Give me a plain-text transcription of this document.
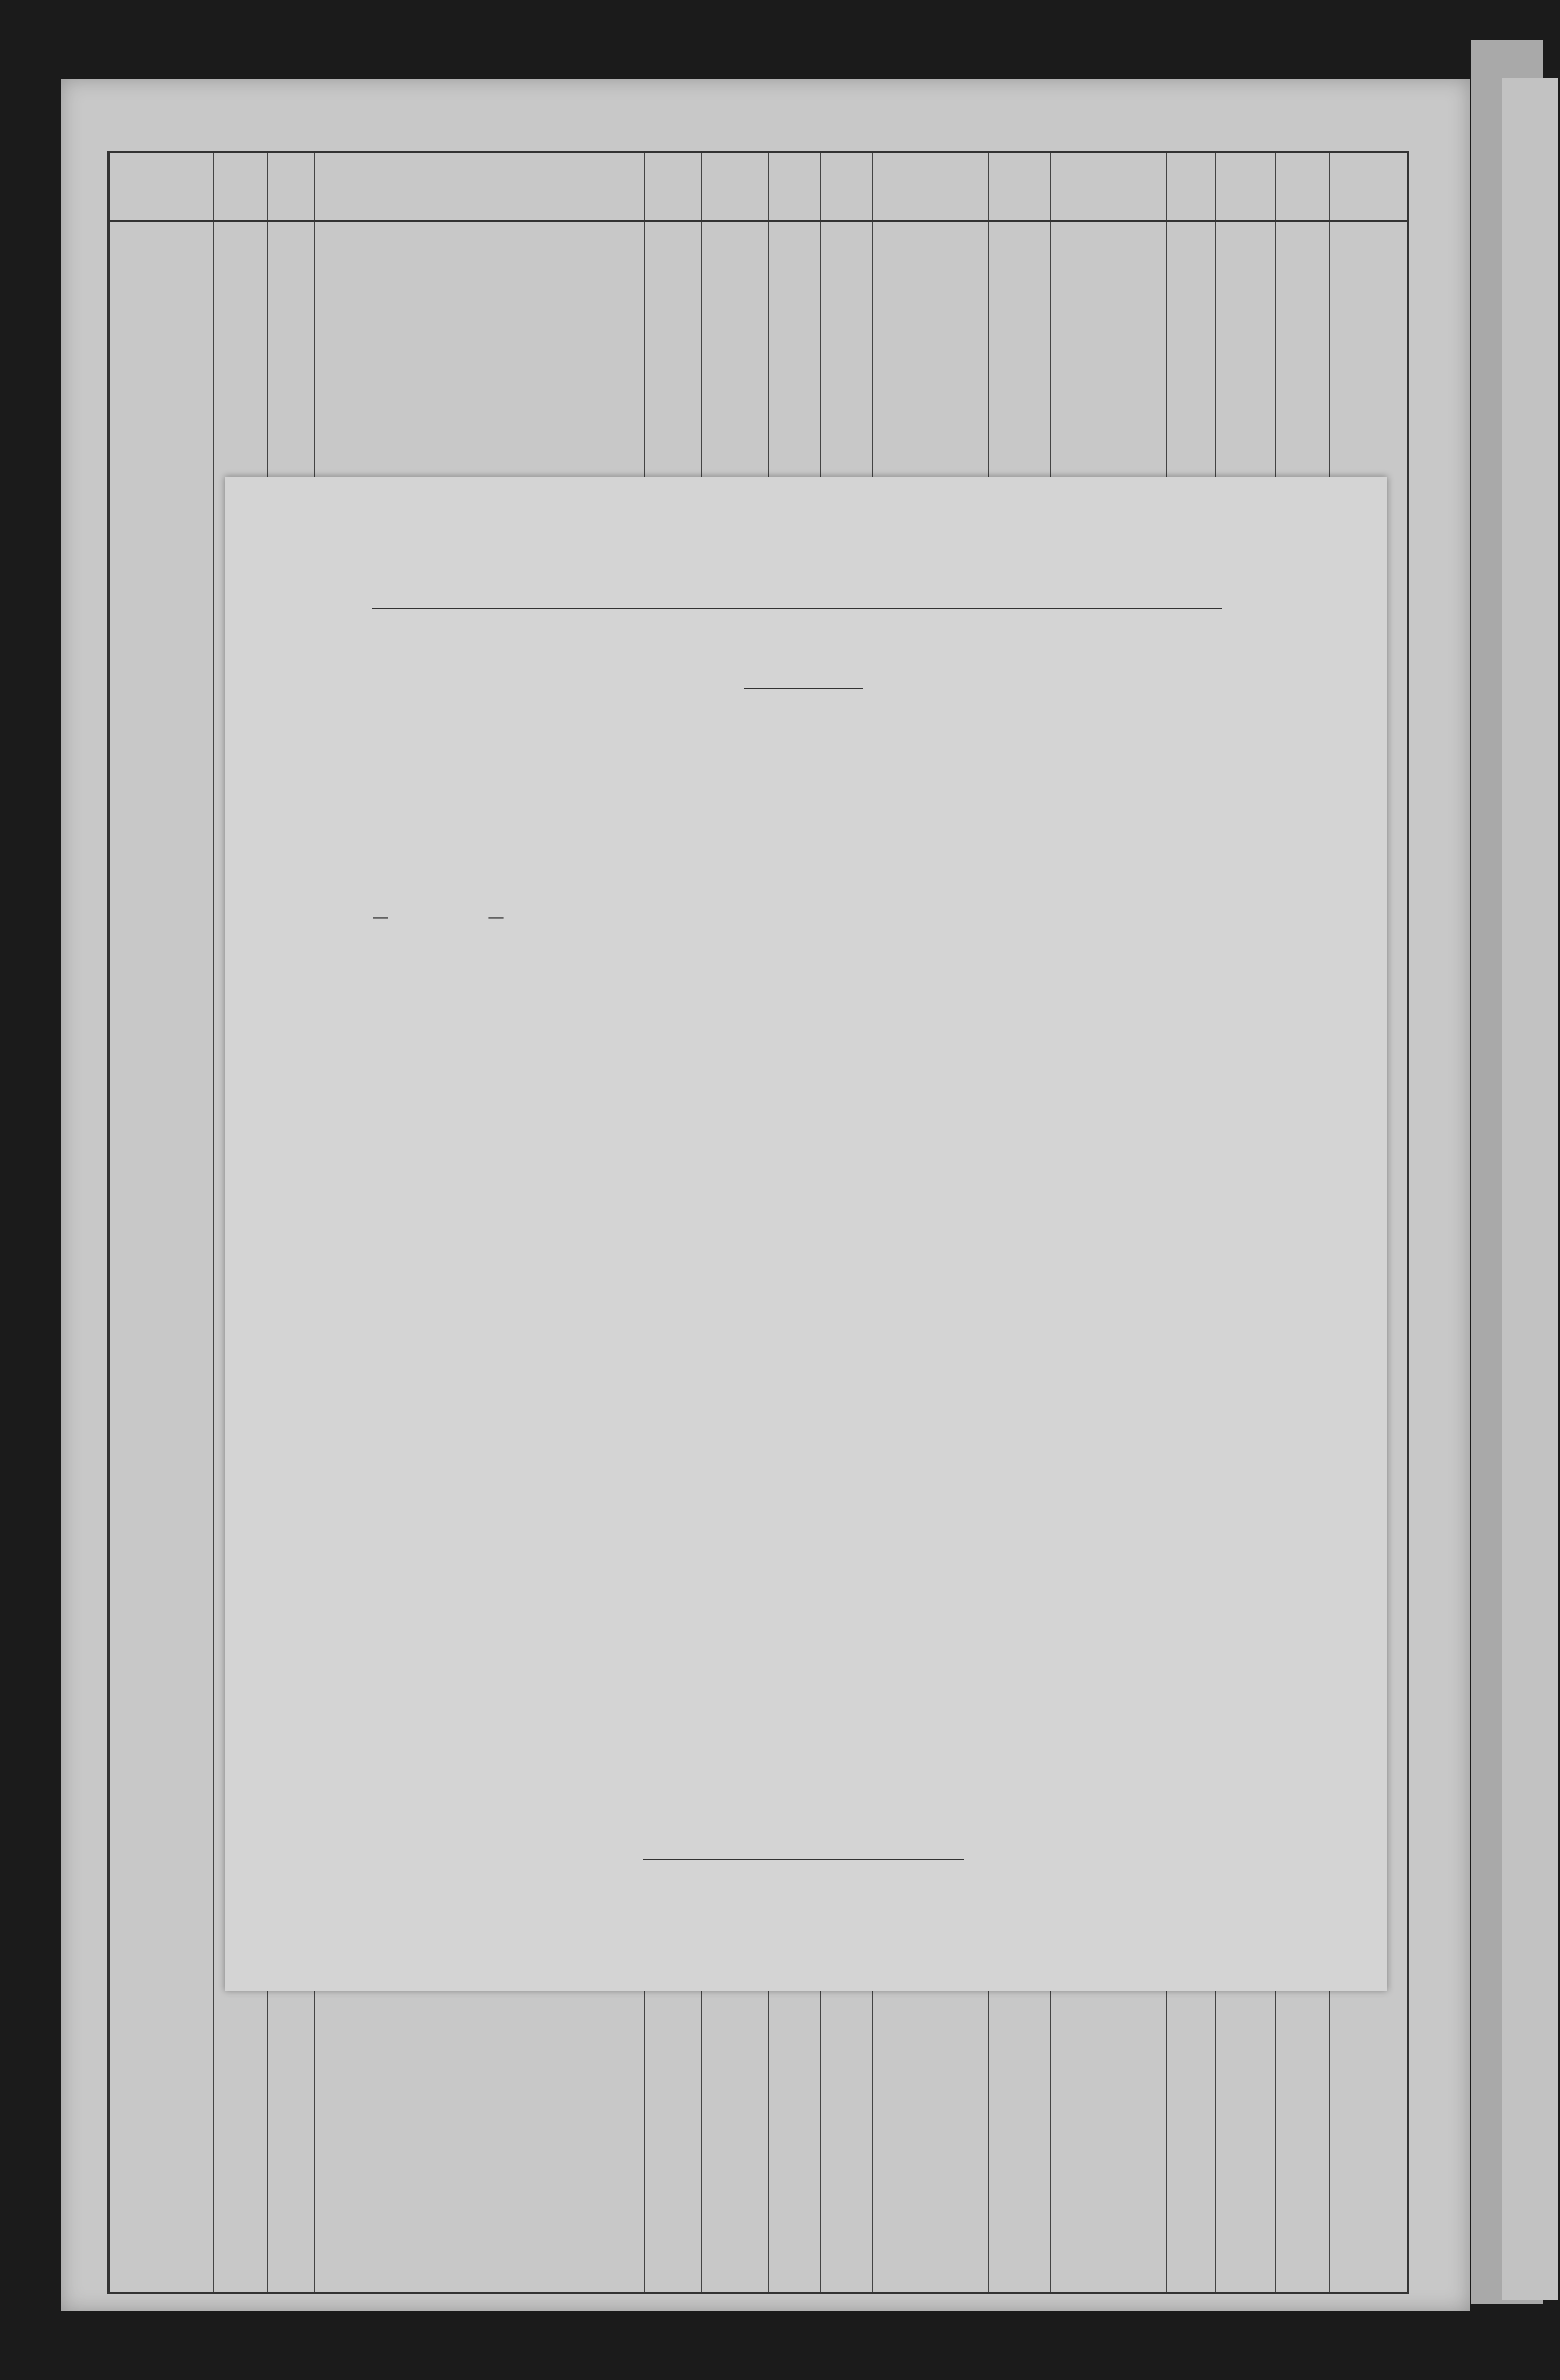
—	—
